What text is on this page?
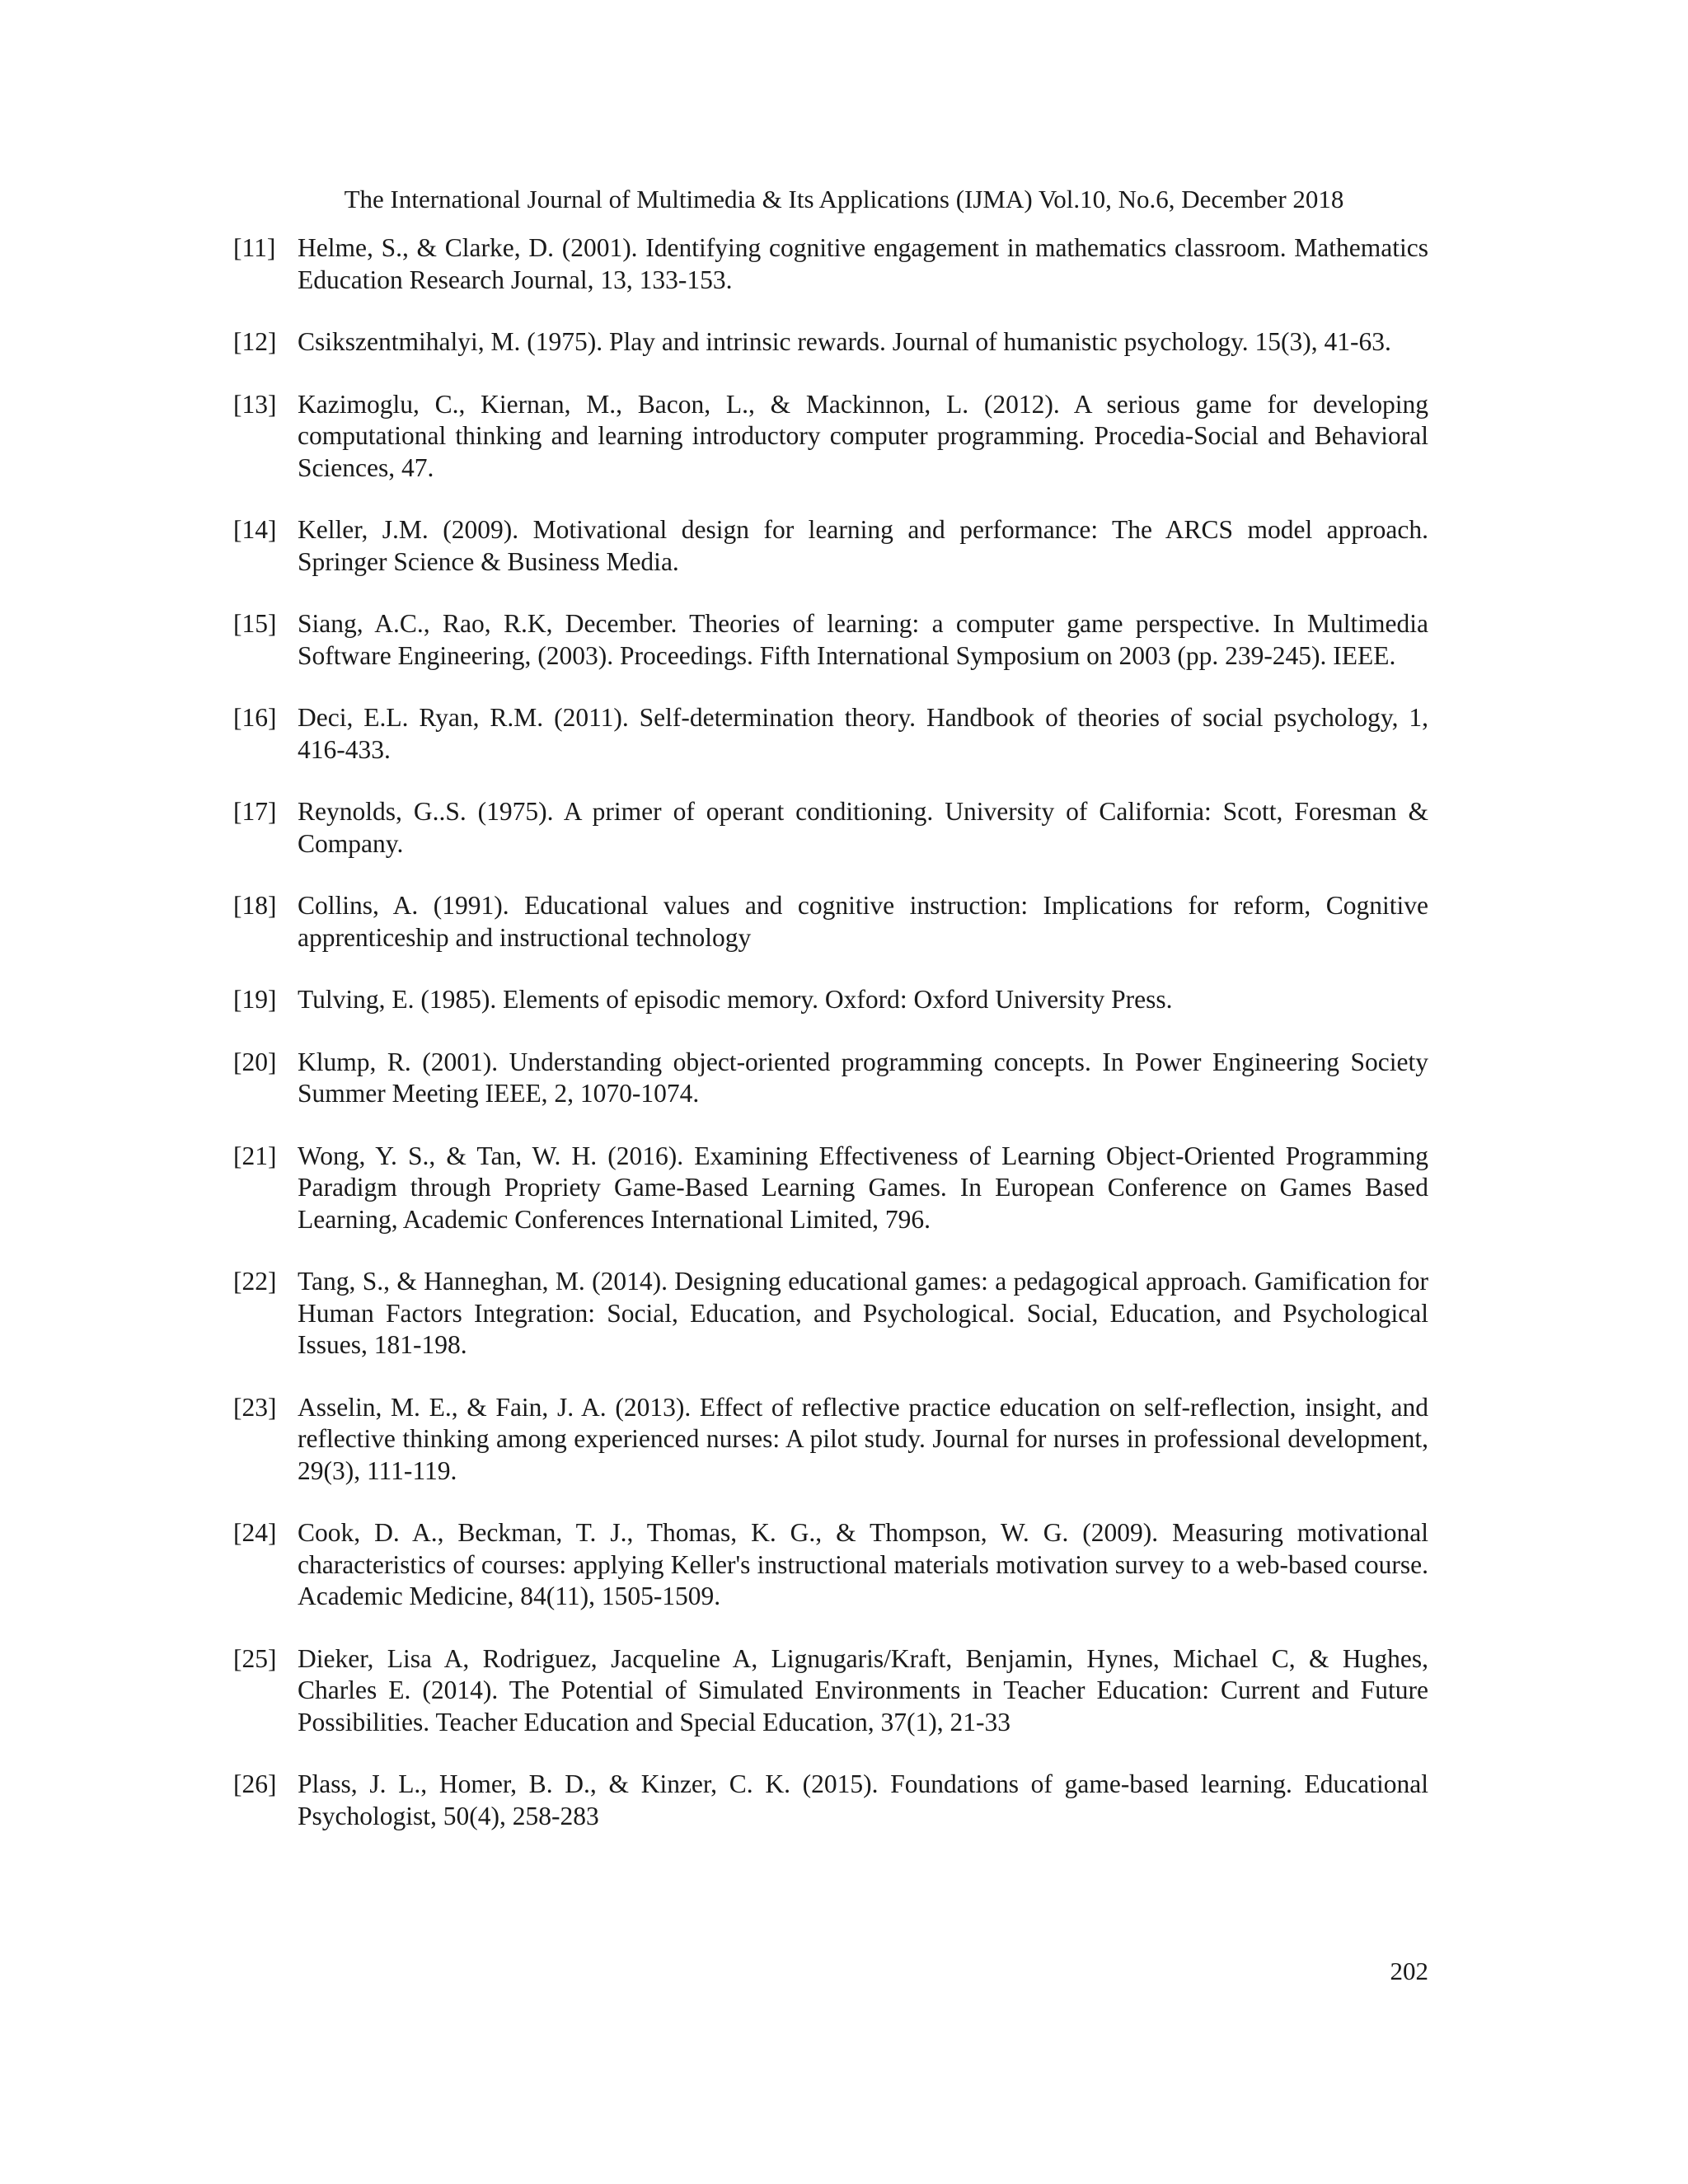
The International Journal of Multimedia & Its Applications (IJMA) Vol.10, No.6, December 2018
[11] Helme, S., & Clarke, D. (2001). Identifying cognitive engagement in mathematics classroom. Mathematics Education Research Journal, 13, 133-153.
[12] Csikszentmihalyi, M. (1975). Play and intrinsic rewards. Journal of humanistic psychology. 15(3), 41-63.
[13] Kazimoglu, C., Kiernan, M., Bacon, L., & Mackinnon, L. (2012). A serious game for developing computational thinking and learning introductory computer programming. Procedia-Social and Behavioral Sciences, 47.
[14] Keller, J.M. (2009). Motivational design for learning and performance: The ARCS model approach. Springer Science & Business Media.
[15] Siang, A.C., Rao, R.K, December. Theories of learning: a computer game perspective. In Multimedia Software Engineering, (2003). Proceedings. Fifth International Symposium on 2003 (pp. 239-245). IEEE.
[16] Deci, E.L. Ryan, R.M. (2011). Self-determination theory. Handbook of theories of social psychology, 1, 416-433.
[17] Reynolds, G..S. (1975). A primer of operant conditioning. University of California: Scott, Foresman & Company.
[18] Collins, A. (1991). Educational values and cognitive instruction: Implications for reform, Cognitive apprenticeship and instructional technology
[19] Tulving, E. (1985). Elements of episodic memory. Oxford: Oxford University Press.
[20] Klump, R. (2001). Understanding object-oriented programming concepts. In Power Engineering Society Summer Meeting IEEE, 2, 1070-1074.
[21] Wong, Y. S., & Tan, W. H. (2016). Examining Effectiveness of Learning Object-Oriented Programming Paradigm through Propriety Game-Based Learning Games. In European Conference on Games Based Learning, Academic Conferences International Limited, 796.
[22] Tang, S., & Hanneghan, M. (2014). Designing educational games: a pedagogical approach. Gamification for Human Factors Integration: Social, Education, and Psychological. Social, Education, and Psychological Issues, 181-198.
[23] Asselin, M. E., & Fain, J. A. (2013). Effect of reflective practice education on self-reflection, insight, and reflective thinking among experienced nurses: A pilot study. Journal for nurses in professional development, 29(3), 111-119.
[24] Cook, D. A., Beckman, T. J., Thomas, K. G., & Thompson, W. G. (2009). Measuring motivational characteristics of courses: applying Keller's instructional materials motivation survey to a web-based course. Academic Medicine, 84(11), 1505-1509.
[25] Dieker, Lisa A, Rodriguez, Jacqueline A, Lignugaris/Kraft, Benjamin, Hynes, Michael C, & Hughes, Charles E. (2014). The Potential of Simulated Environments in Teacher Education: Current and Future Possibilities. Teacher Education and Special Education, 37(1), 21-33
[26] Plass, J. L., Homer, B. D., & Kinzer, C. K. (2015). Foundations of game-based learning. Educational Psychologist, 50(4), 258-283
202
